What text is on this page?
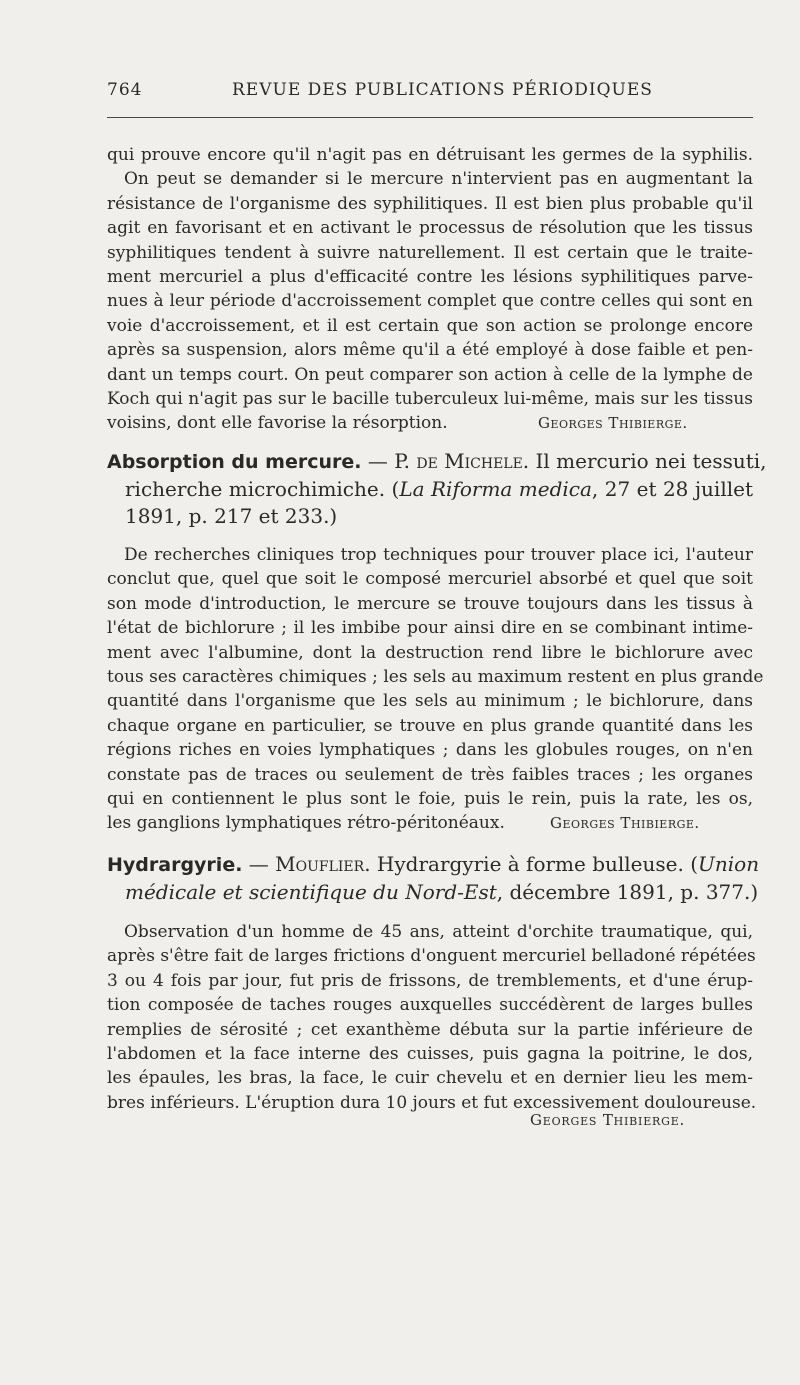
764	REVUE DES PUBLICATIONS PÉRIODIQUES
qui prouve encore qu'il n'agit pas en détruisant les germes de la syphilis.
On peut se demander si le mercure n'intervient pas en augmentant la
résistance de l'organisme des syphilitiques. Il est bien plus probable qu'il
agit en favorisant et en activant le processus de résolution que les tissus
syphilitiques tendent à suivre naturellement. Il est certain que le traite-
ment mercuriel a plus d'efficacité contre les lésions syphilitiques parve-
nues à leur période d'accroissement complet que contre celles qui sont en
voie d'accroissement, et il est certain que son action se prolonge encore
après sa suspension, alors même qu'il a été employé à dose faible et pen-
dant un temps court. On peut comparer son action à celle de la lymphe de
Koch qui n'agit pas sur le bacille tuberculeux lui-même, mais sur les tissus
voisins, dont elle favorise la résorption.	Georges Thibierge.
Absorption du mercure. — P. de Michele. Il mercurio nei tessuti,
richerche microchimiche. (La Riforma medica, 27 et 28 juillet
1891, p. 217 et 233.)
De recherches cliniques trop techniques pour trouver place ici, l'auteur
conclut que, quel que soit le composé mercuriel absorbé et quel que soit
son mode d'introduction, le mercure se trouve toujours dans les tissus à
l'état de bichlorure ; il les imbibe pour ainsi dire en se combinant intime-
ment avec l'albumine, dont la destruction rend libre le bichlorure avec
tous ses caractères chimiques ; les sels au maximum restent en plus grande
quantité dans l'organisme que les sels au minimum ; le bichlorure, dans
chaque organe en particulier, se trouve en plus grande quantité dans les
régions riches en voies lymphatiques ; dans les globules rouges, on n'en
constate pas de traces ou seulement de très faibles traces ; les organes
qui en contiennent le plus sont le foie, puis le rein, puis la rate, les os,
les ganglions lymphatiques rétro-péritonéaux.	Georges Thibierge.
Hydrargyrie. — Mouflier. Hydrargyrie à forme bulleuse. (Union
médicale et scientifique du Nord-Est, décembre 1891, p. 377.)
Observation d'un homme de 45 ans, atteint d'orchite traumatique, qui,
après s'être fait de larges frictions d'onguent mercuriel belladoné répétées
3 ou 4 fois par jour, fut pris de frissons, de tremblements, et d'une érup-
tion composée de taches rouges auxquelles succédèrent de larges bulles
remplies de sérosité ; cet exanthème débuta sur la partie inférieure de
l'abdomen et la face interne des cuisses, puis gagna la poitrine, le dos,
les épaules, les bras, la face, le cuir chevelu et en dernier lieu les mem-
bres inférieurs. L'éruption dura 10 jours et fut excessivement douloureuse.
Georges Thibierge.
